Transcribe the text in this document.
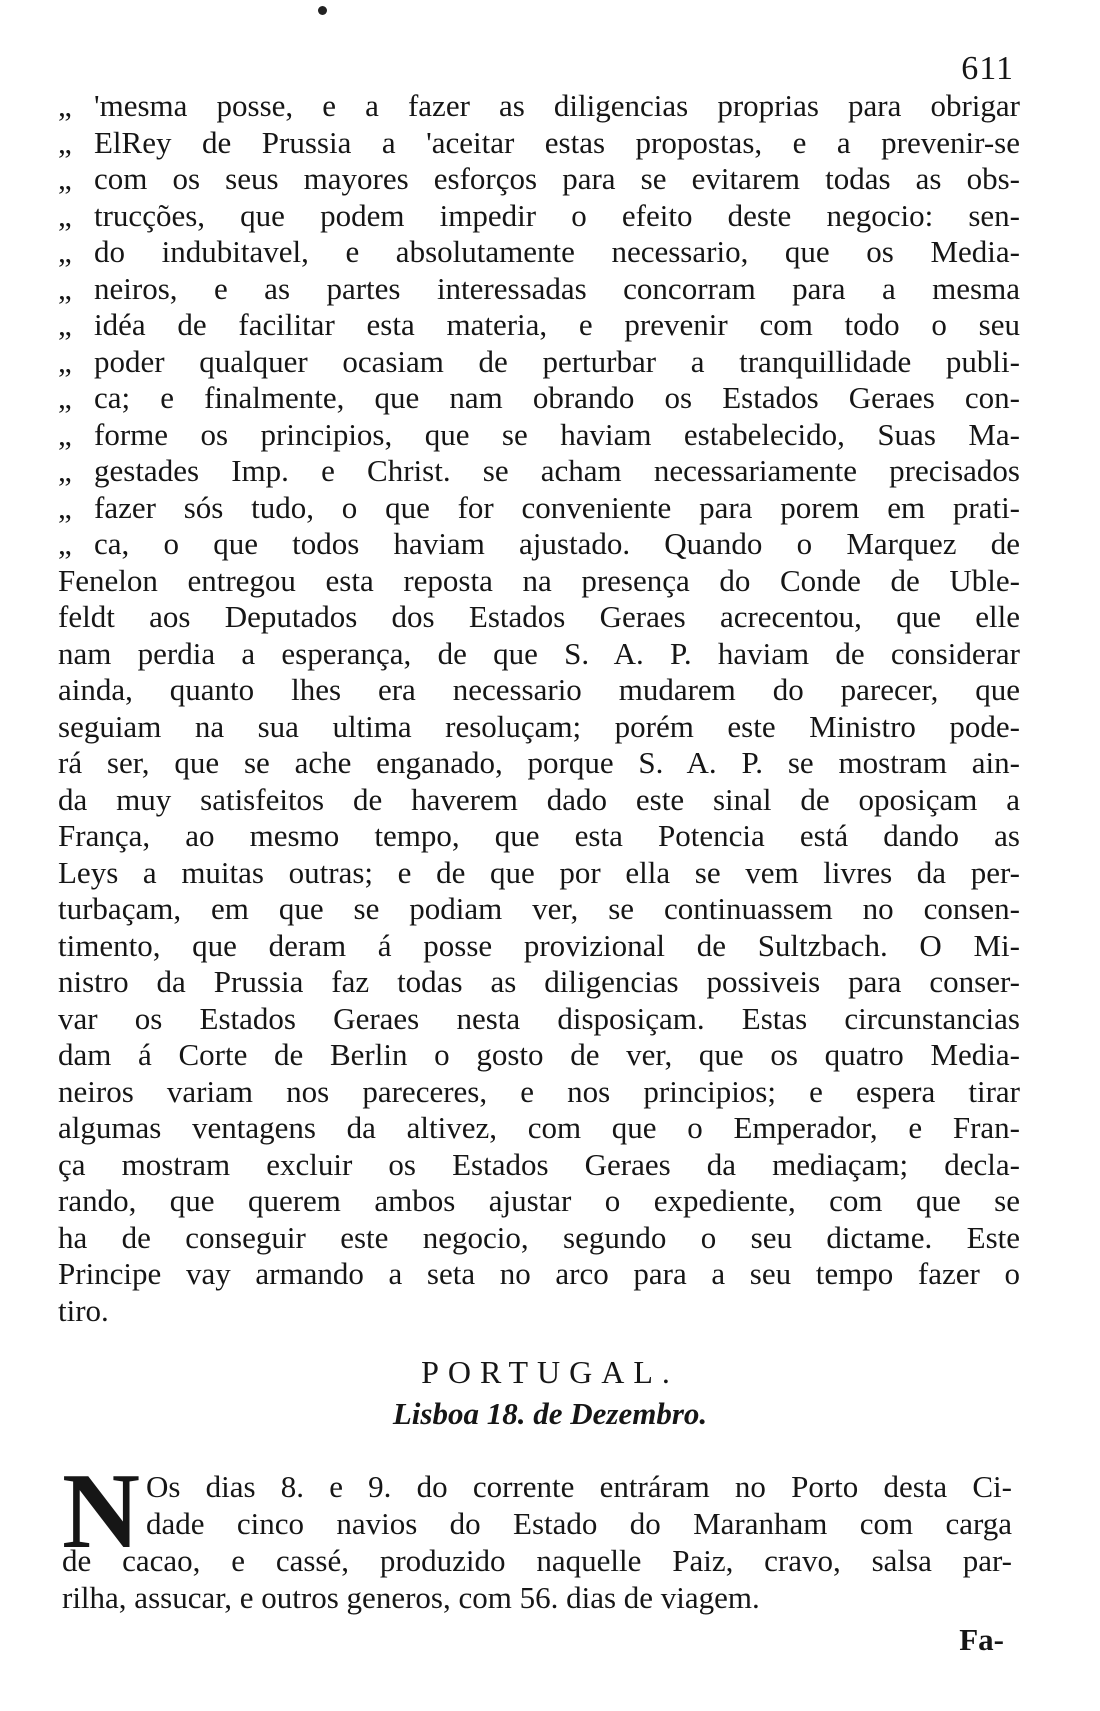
611
„ 'mesma posse, e a fazer as diligencias proprias para obrigar
„ ElRey de Prussia a 'aceitar estas propostas, e a prevenir-se
„ com os seus mayores esforços para se evitarem todas as obs-
„ trucções, que podem impedir o efeito deste negocio: sen-
„ do indubitavel, e absolutamente necessario, que os Media-
„ neiros, e as partes interessadas concorram para a mesma
„ idéa de facilitar esta materia, e prevenir com todo o seu
„ poder qualquer ocasiam de perturbar a tranquillidade publi-
„ ca; e finalmente, que nam obrando os Estados Geraes con-
„ forme os principios, que se haviam estabelecido, Suas Ma-
„ gestades Imp. e Christ. se acham necessariamente precisados
„ fazer sós tudo, o que for conveniente para porem em prati-
„ ca, o que todos haviam ajustado. Quando o Marquez de
Fenelon entregou esta reposta na presença do Conde de Uble-
feldt aos Deputados dos Estados Geraes acrecentou, que elle
nam perdia a esperança, de que S. A. P. haviam de considerar
ainda, quanto lhes era necessario mudarem do parecer, que
seguiam na sua ultima resoluçam; porém este Ministro pode-
rá ser, que se ache enganado, porque S. A. P. se mostram ain-
da muy satisfeitos de haverem dado este sinal de oposiçam a
França, ao mesmo tempo, que esta Potencia está dando as
Leys a muitas outras; e de que por ella se vem livres da per-
turbaçam, em que se podiam ver, se continuassem no consen-
timento, que deram á posse provizional de Sultzbach. O Mi-
nistro da Prussia faz todas as diligencias possiveis para conser-
var os Estados Geraes nesta disposiçam. Estas circunstancias
dam á Corte de Berlin o gosto de ver, que os quatro Media-
neiros variam nos pareceres, e nos principios; e espera tirar
algumas ventagens da altivez, com que o Emperador, e Fran-
ça mostram excluir os Estados Geraes da mediaçam; decla-
rando, que querem ambos ajustar o expediente, com que se
ha de conseguir este negocio, segundo o seu dictame. Este
Principe vay armando a seta no arco para a seu tempo fazer o
tiro.
PORTUGAL.
Lisboa 18. de Dezembro.
N Os dias 8. e 9. do corrente entráram no Porto desta Ci-
dade cinco navios do Estado do Maranham com carga
de cacao, e cassé, produzido naquelle Paiz, cravo, salsa par-
rilha, assucar, e outros generos, com 56. dias de viagem.
Fa-
